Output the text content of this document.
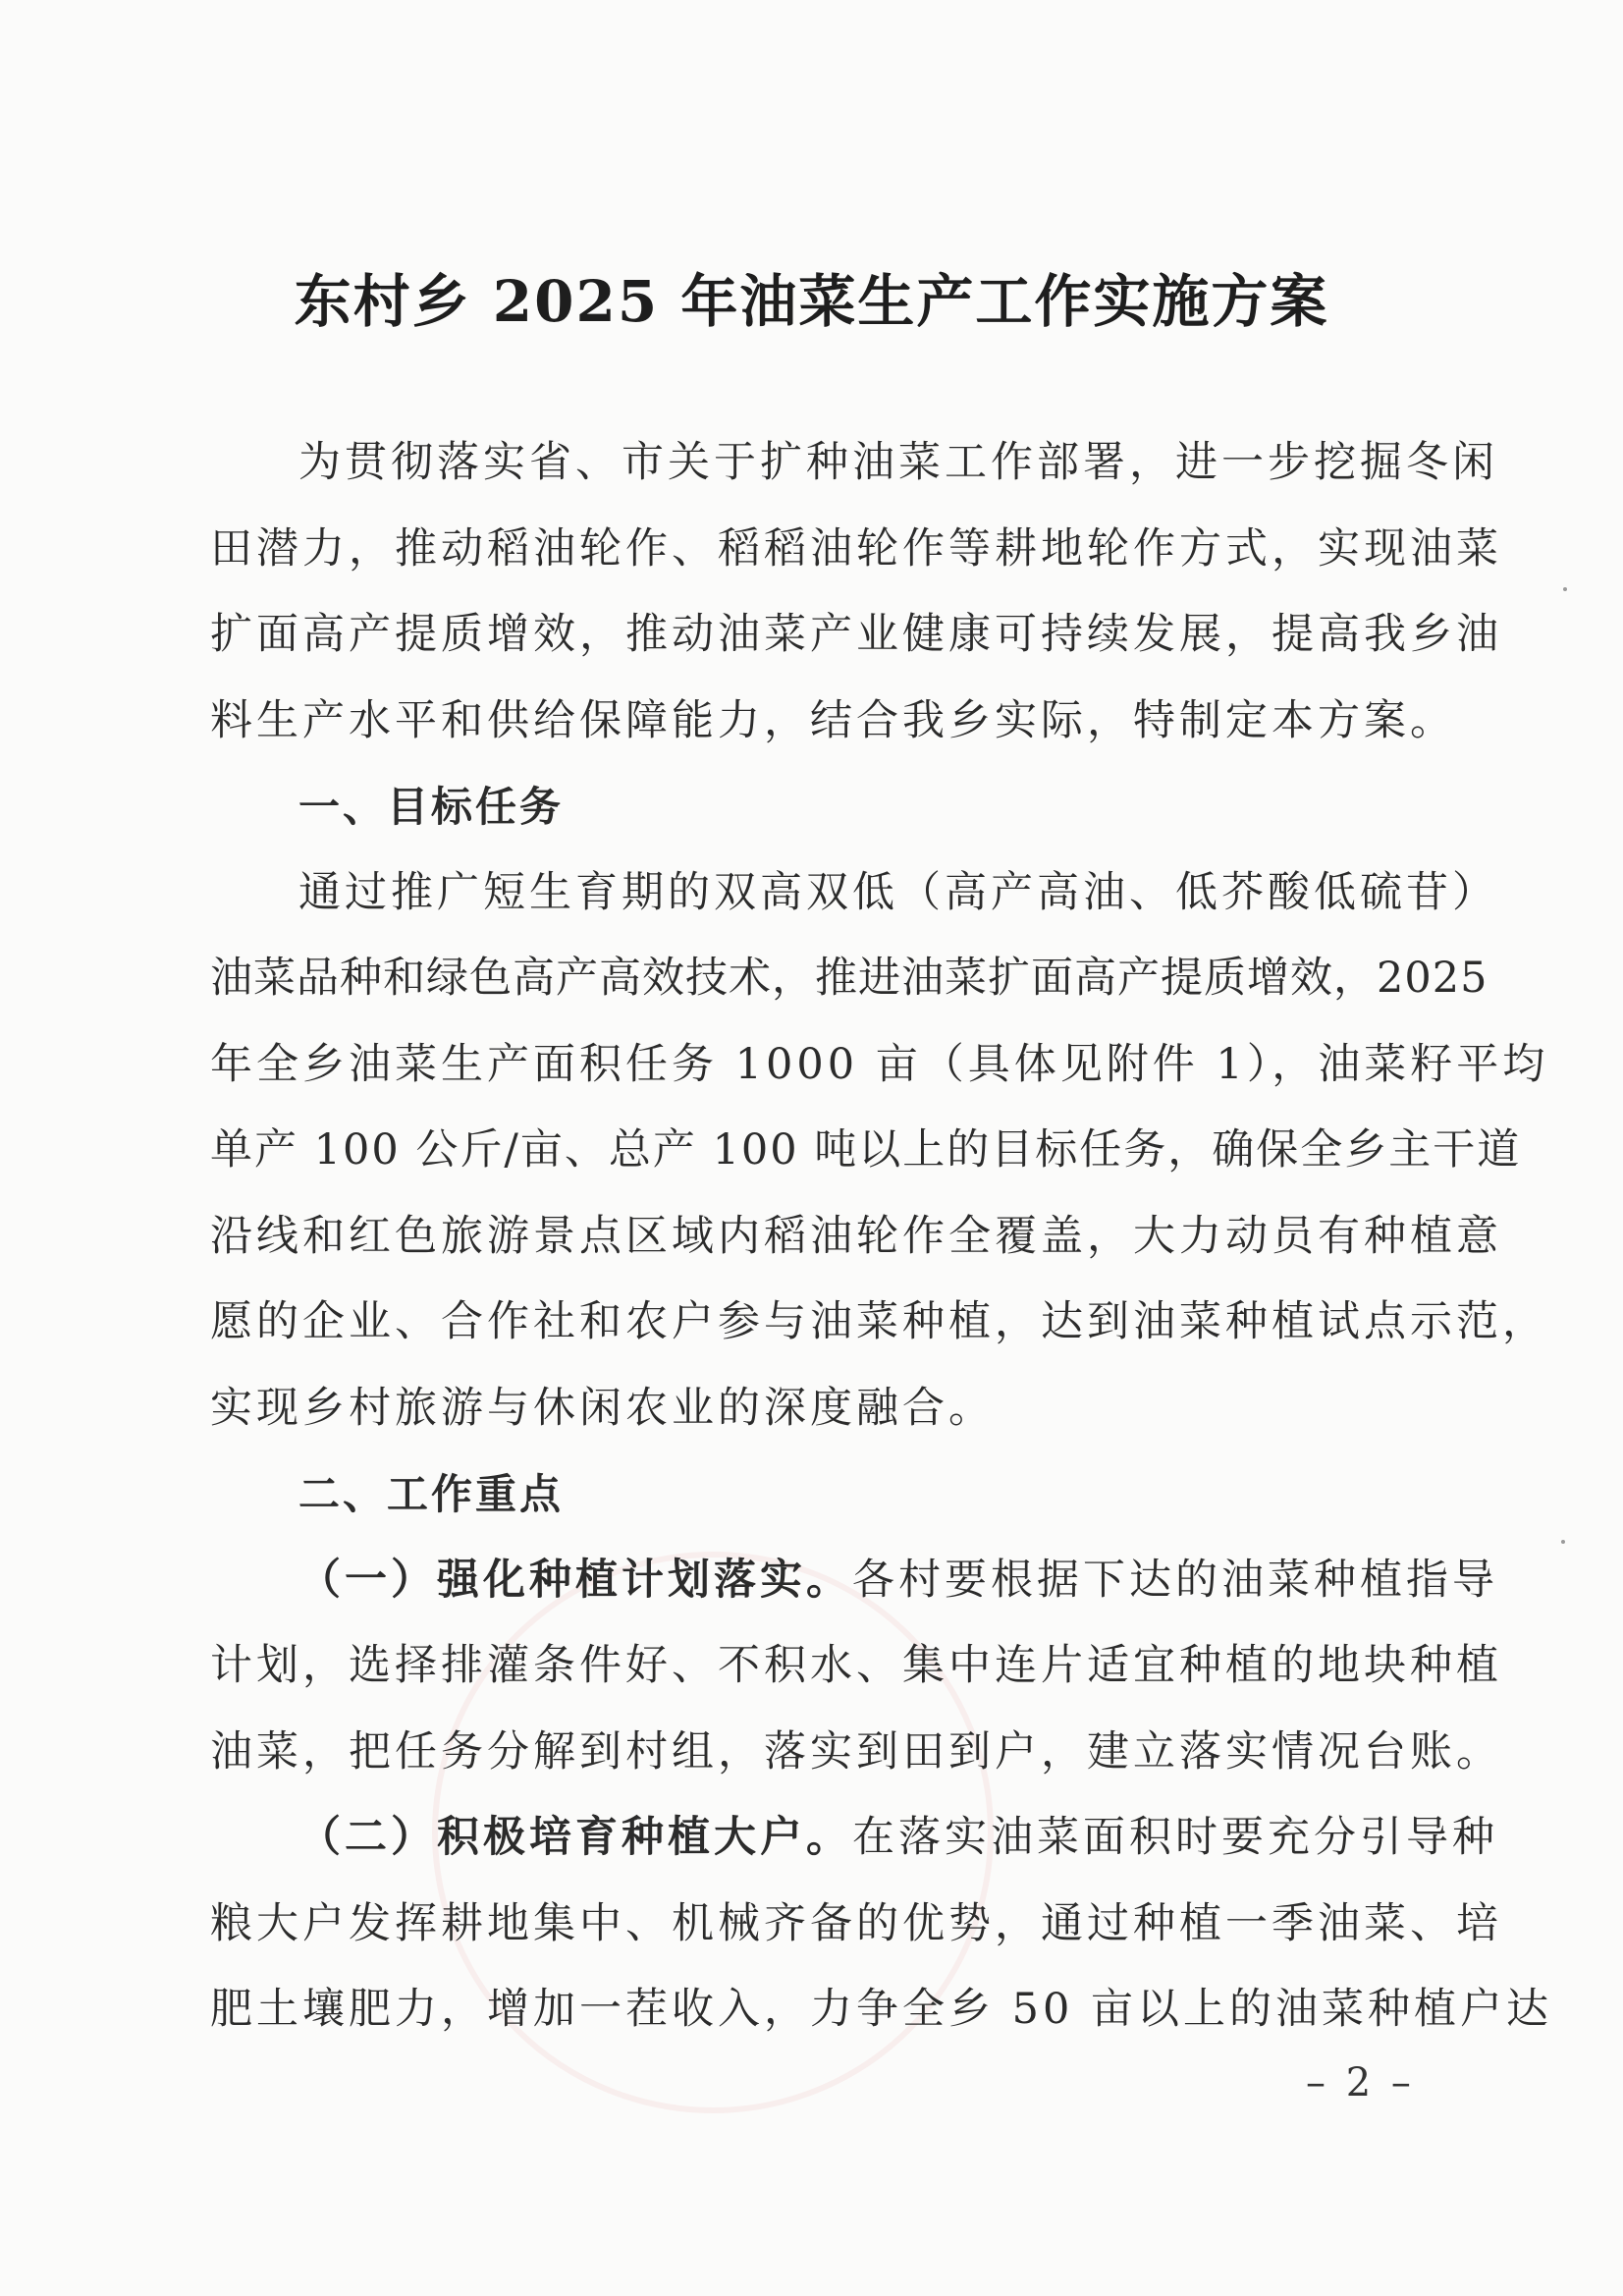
东村乡 2025 年油菜生产工作实施方案
为贯彻落实省、市关于扩种油菜工作部署，进一步挖掘冬闲
田潜力，推动稻油轮作、稻稻油轮作等耕地轮作方式，实现油菜
扩面高产提质增效，推动油菜产业健康可持续发展，提高我乡油
料生产水平和供给保障能力，结合我乡实际，特制定本方案。
一、目标任务
通过推广短生育期的双高双低（高产高油、低芥酸低硫苷）
油菜品种和绿色高产高效技术，推进油菜扩面高产提质增效，2025
年全乡油菜生产面积任务 1000 亩（具体见附件 1），油菜籽平均
单产 100 公斤/亩、总产 100 吨以上的目标任务，确保全乡主干道
沿线和红色旅游景点区域内稻油轮作全覆盖，大力动员有种植意
愿的企业、合作社和农户参与油菜种植，达到油菜种植试点示范，
实现乡村旅游与休闲农业的深度融合。
二、工作重点
（一）强化种植计划落实。各村要根据下达的油菜种植指导
计划，选择排灌条件好、不积水、集中连片适宜种植的地块种植
油菜，把任务分解到村组，落实到田到户，建立落实情况台账。
（二）积极培育种植大户。在落实油菜面积时要充分引导种
粮大户发挥耕地集中、机械齐备的优势，通过种植一季油菜、培
肥土壤肥力，增加一茬收入，力争全乡 50 亩以上的油菜种植户达
– 2 –
